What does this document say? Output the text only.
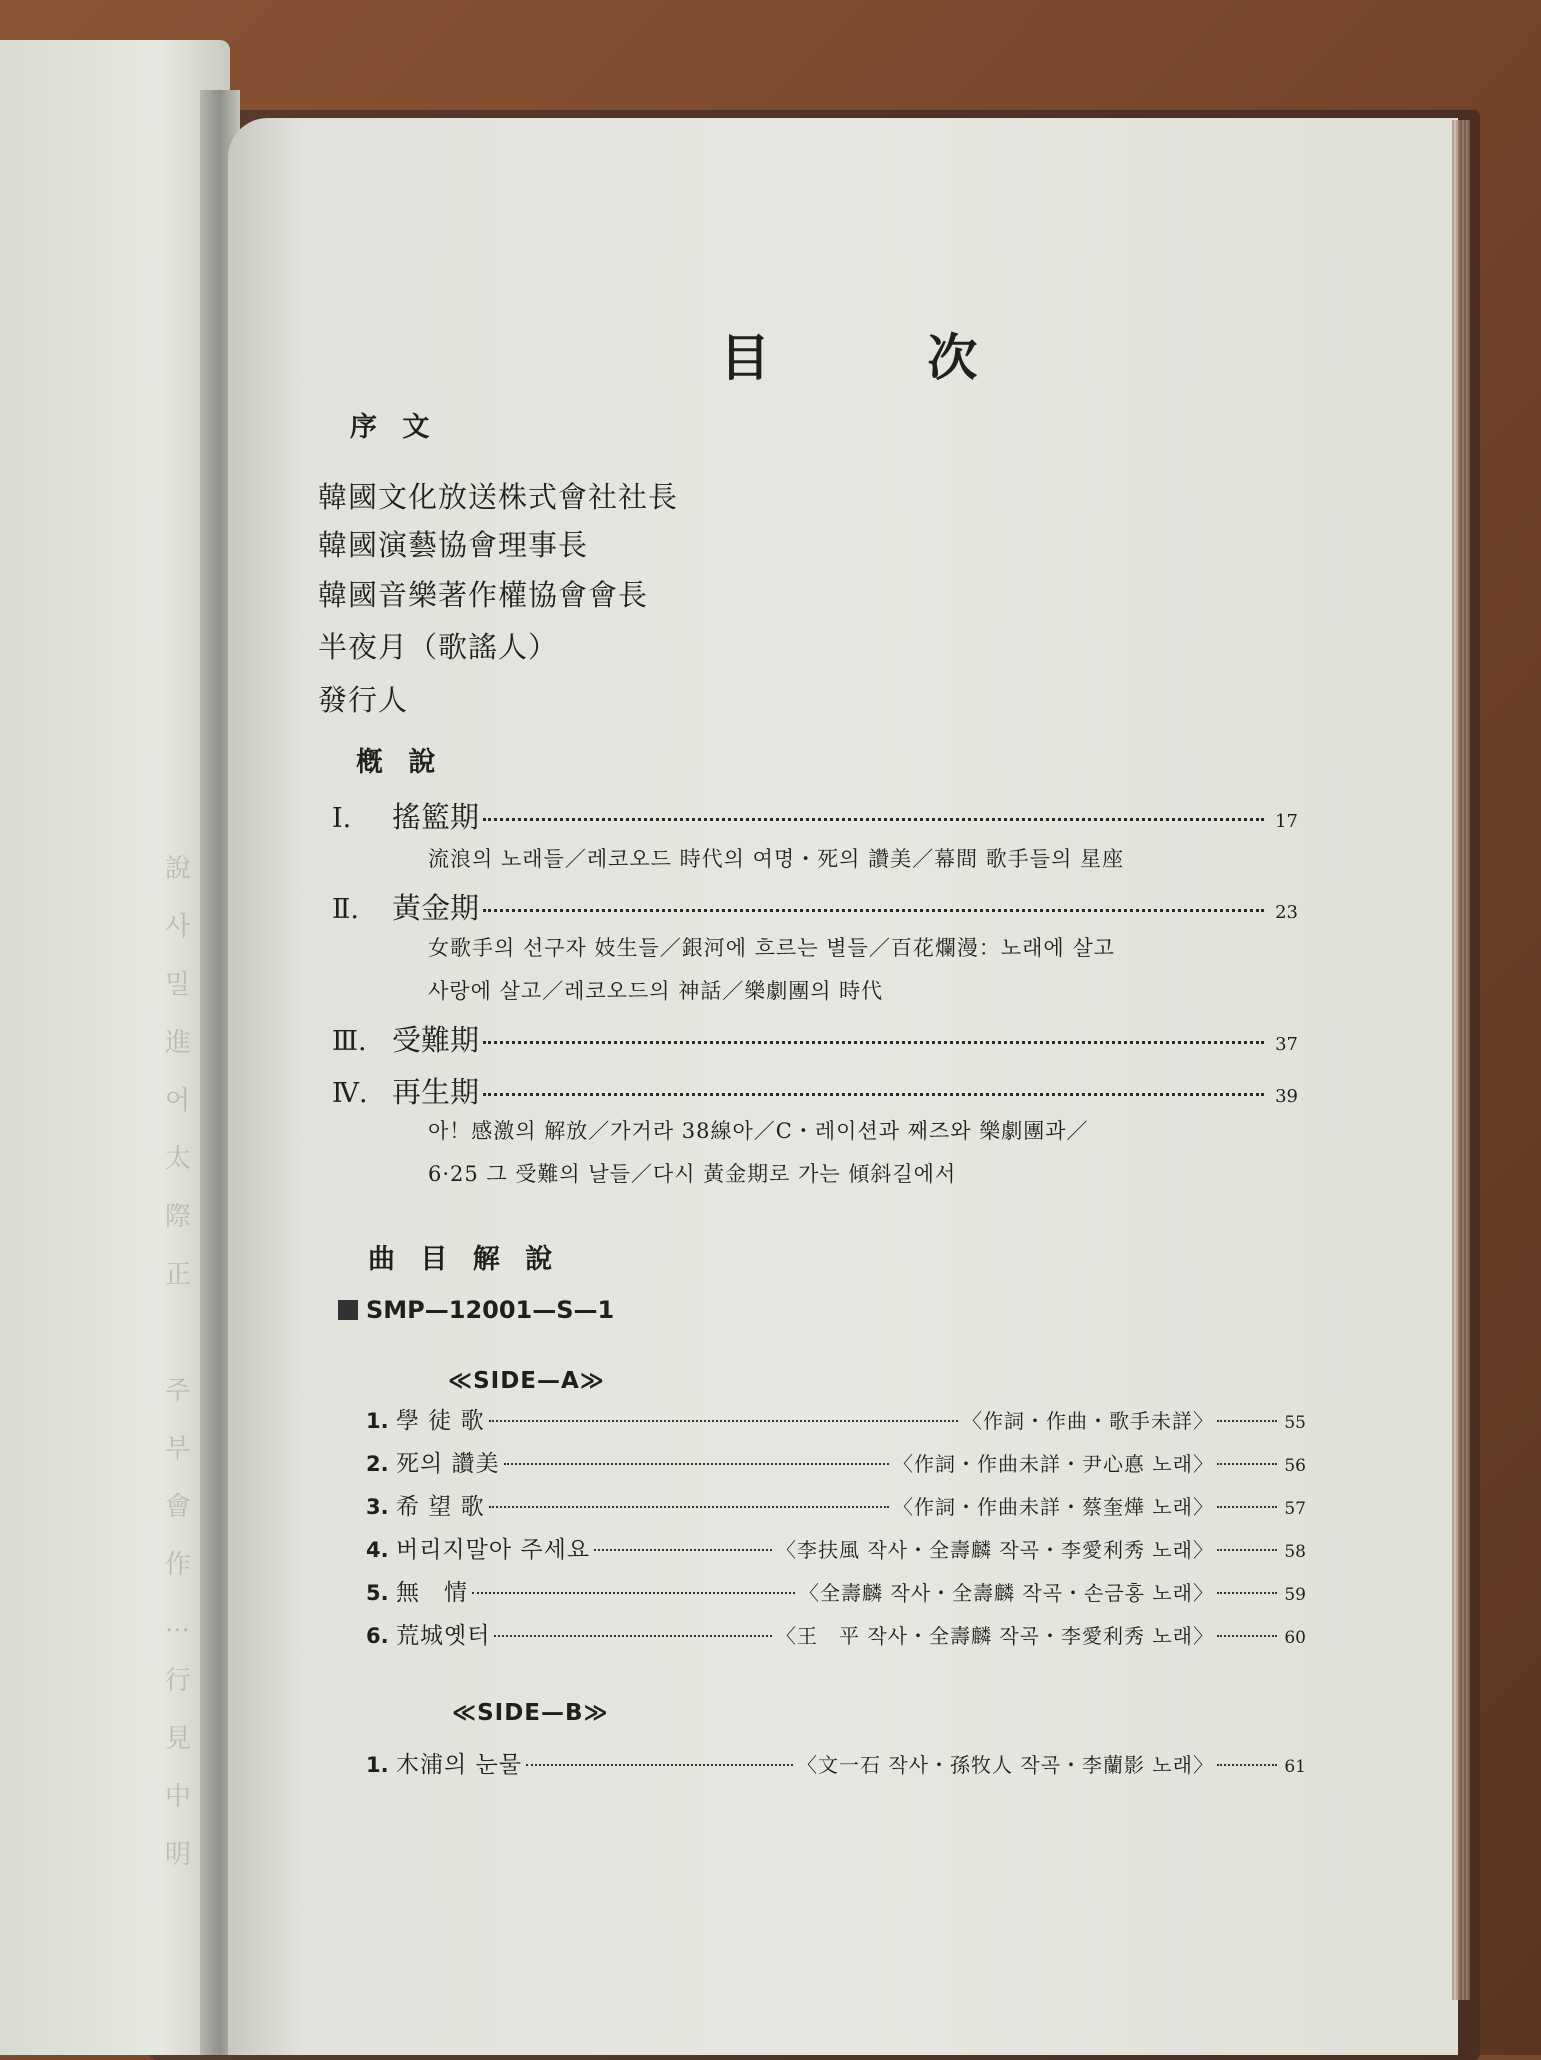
說
사
밀
進
어
太
際
正

주
부
會
作
...
行
見
中
明
目 次
序 文
韓國文化放送株式會社社長
韓國演藝協會理事長
韓國音樂著作權協會會長
半夜月（歌謠人）
發行人
槪 說
Ⅰ.	搖籃期	17
流浪의 노래들／레코오드 時代의 여명・死의 讚美／幕間 歌手들의 星座
Ⅱ.	黃金期	23
女歌手의 선구자 妓生들／銀河에 흐르는 별들／百花爛漫：노래에 살고
사랑에 살고／레코오드의 神話／樂劇團의 時代
Ⅲ. 受難期	37
Ⅳ. 再生期	39
아！感激의 解放／가거라 38線아／C・레이션과 째즈와 樂劇團과／
6·25 그 受難의 날들／다시 黃金期로 가는 傾斜길에서
曲 目 解 說
SMP—12001—S—1
≪SIDE—A≫
1. 學 徒 歌	〈作詞・作曲・歌手未詳〉	55
2. 死의 讚美	〈作詞・作曲未詳・尹心悳 노래〉	56
3. 希 望 歌	〈作詞・作曲未詳・蔡奎燁 노래〉	57
4. 버리지말아 주세요	〈李扶風 작사・全壽麟 작곡・李愛利秀 노래〉	58
5. 無　情	〈全壽麟 작사・全壽麟 작곡・손금홍 노래〉	59
6. 荒城옛터	〈王　平 작사・全壽麟 작곡・李愛利秀 노래〉	60
≪SIDE—B≫
1. 木浦의 눈물	〈文一石 작사・孫牧人 작곡・李蘭影 노래〉	61
